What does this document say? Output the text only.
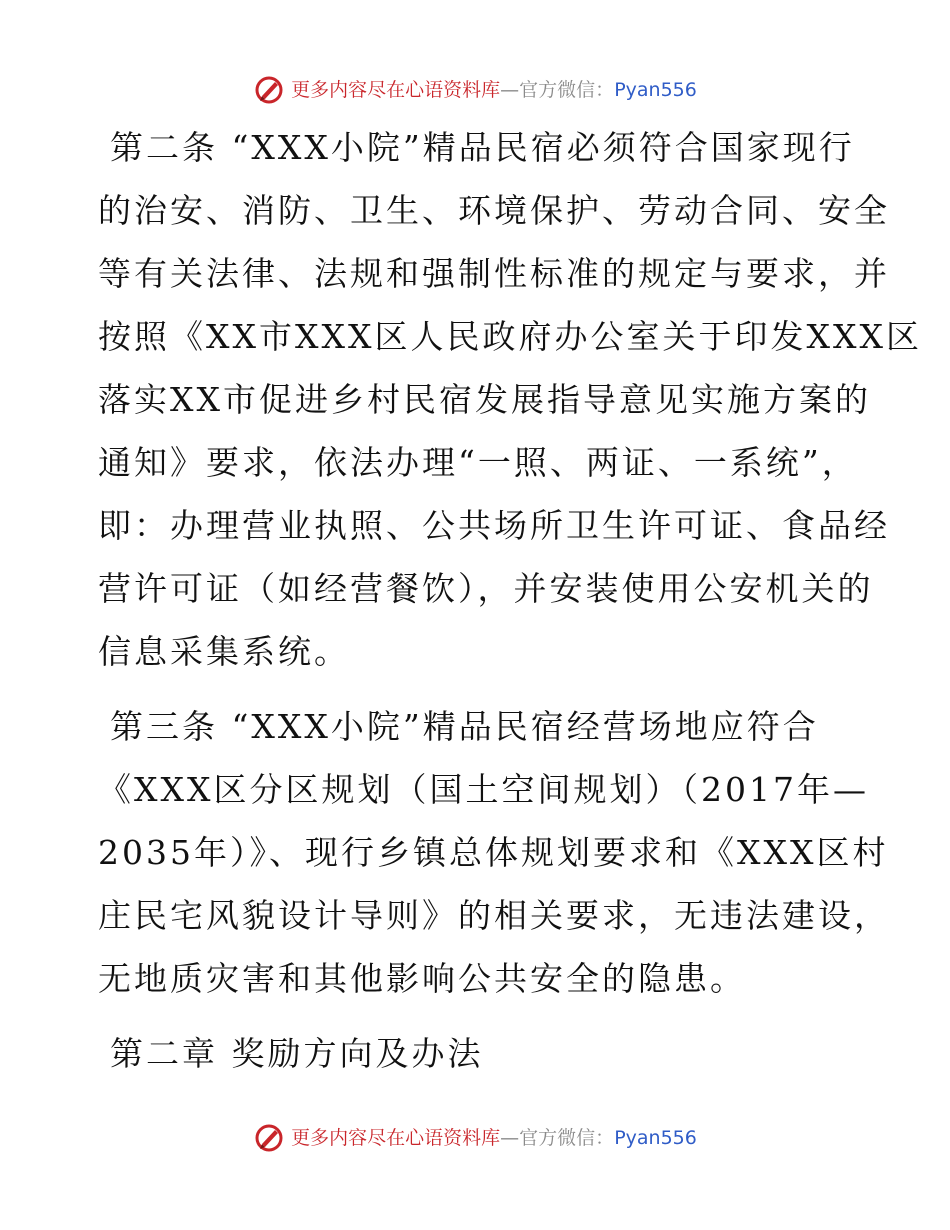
更多内容尽在心语资料库 —官方微信： Pyan556

第二条 “XXX小院”精品民宿必须符合国家现行
的治安、消防、卫生、环境保护、劳动合同、安全
等有关法律、法规和强制性标准的规定与要求，并
按照《XX市XXX区人民政府办公室关于印发XXX区
落实XX市促进乡村民宿发展指导意见实施方案的
通知》要求，依法办理“一照、两证、一系统”，
即：办理营业执照、公共场所卫生许可证、食品经
营许可证（如经营餐饮），并安装使用公安机关的
信息采集系统。

第三条 “XXX小院”精品民宿经营场地应符合
《XXX区分区规划（国土空间规划）（2017年—
2035年）》、现行乡镇总体规划要求和《XXX区村
庄民宅风貌设计导则》的相关要求，无违法建设，
无地质灾害和其他影响公共安全的隐患。

第二章 奖励方向及办法

更多内容尽在心语资料库 —官方微信： Pyan556
